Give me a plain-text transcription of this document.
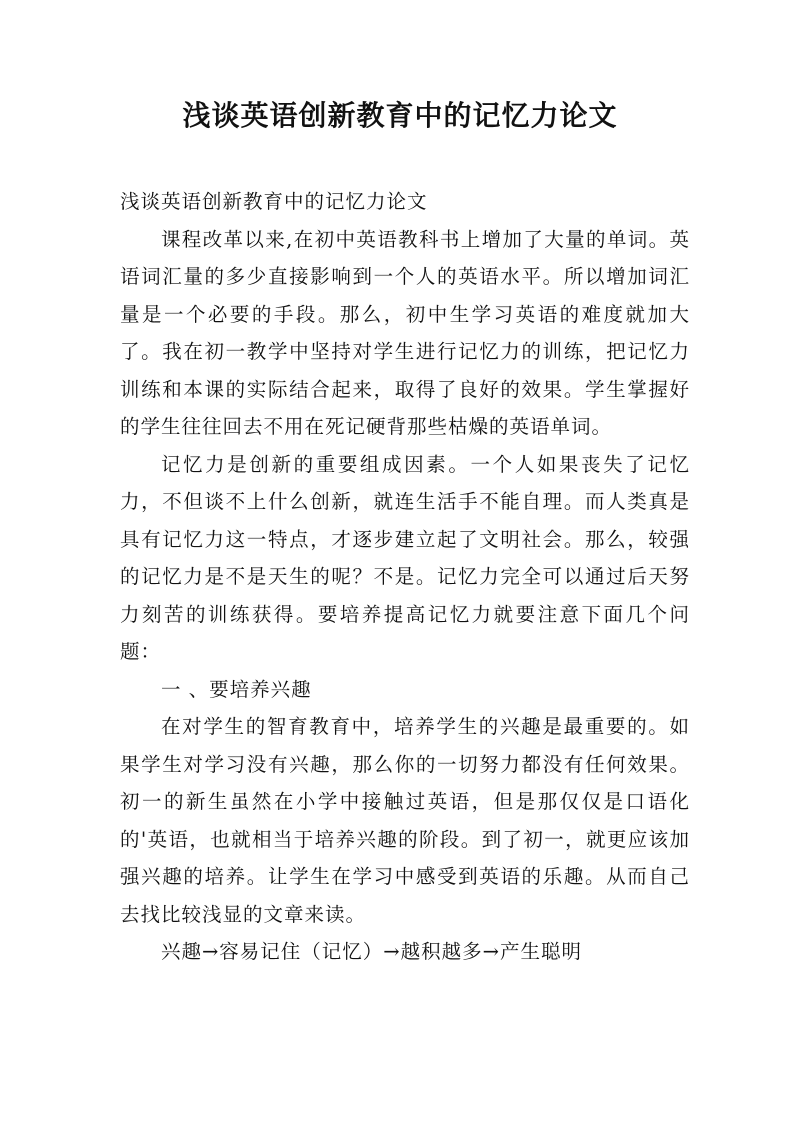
浅谈英语创新教育中的记忆力论文

浅谈英语创新教育中的记忆力论文

课程改革以来,在初中英语教科书上增加了大量的单词。英语词汇量的多少直接影响到一个人的英语水平。所以增加词汇量是一个必要的手段。那么，初中生学习英语的难度就加大了。我在初一教学中坚持对学生进行记忆力的训练，把记忆力训练和本课的实际结合起来，取得了良好的效果。学生掌握好的学生往往回去不用在死记硬背那些枯燥的英语单词。

记忆力是创新的重要组成因素。一个人如果丧失了记忆力，不但谈不上什么创新，就连生活手不能自理。而人类真是具有记忆力这一特点，才逐步建立起了文明社会。那么，较强的记忆力是不是天生的呢？不是。记忆力完全可以通过后天努力刻苦的训练获得。要培养提高记忆力就要注意下面几个问题：

一 、要培养兴趣

在对学生的智育教育中，培养学生的兴趣是最重要的。如果学生对学习没有兴趣，那么你的一切努力都没有任何效果。初一的新生虽然在小学中接触过英语，但是那仅仅是口语化的'英语，也就相当于培养兴趣的阶段。到了初一，就更应该加强兴趣的培养。让学生在学习中感受到英语的乐趣。从而自己去找比较浅显的文章来读。

兴趣→容易记住（记忆）→越积越多→产生聪明
